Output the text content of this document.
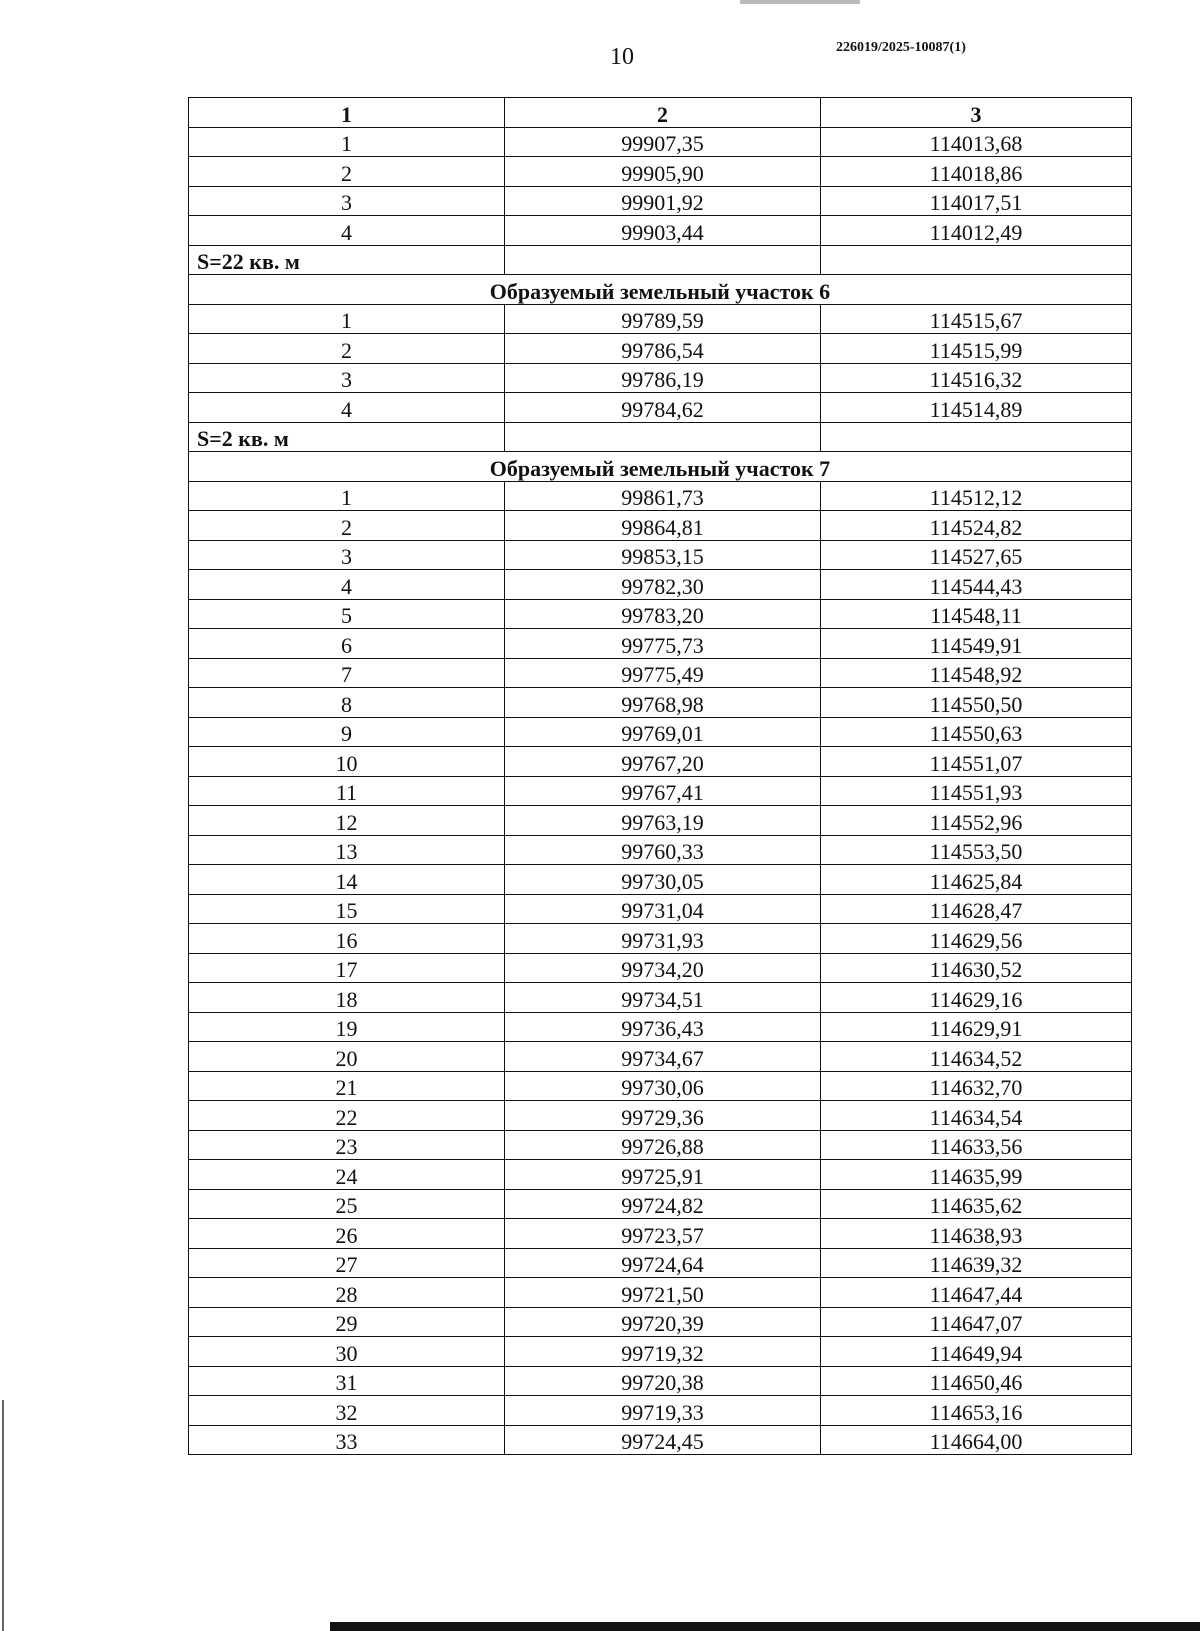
10	226019/2025-10087(1)
1	2	3
1	99907,35	114013,68
2	99905,90	114018,86
3	99901,92	114017,51
4	99903,44	114012,49
S=22 кв. м		
Образуемый земельный участок 6		
1	99789,59	114515,67
2	99786,54	114515,99
3	99786,19	114516,32
4	99784,62	114514,89
S=2 кв. м		
Образуемый земельный участок 7		
1	99861,73	114512,12
2	99864,81	114524,82
3	99853,15	114527,65
4	99782,30	114544,43
5	99783,20	114548,11
6	99775,73	114549,91
7	99775,49	114548,92
8	99768,98	114550,50
9	99769,01	114550,63
10	99767,20	114551,07
11	99767,41	114551,93
12	99763,19	114552,96
13	99760,33	114553,50
14	99730,05	114625,84
15	99731,04	114628,47
16	99731,93	114629,56
17	99734,20	114630,52
18	99734,51	114629,16
19	99736,43	114629,91
20	99734,67	114634,52
21	99730,06	114632,70
22	99729,36	114634,54
23	99726,88	114633,56
24	99725,91	114635,99
25	99724,82	114635,62
26	99723,57	114638,93
27	99724,64	114639,32
28	99721,50	114647,44
29	99720,39	114647,07
30	99719,32	114649,94
31	99720,38	114650,46
32	99719,33	114653,16
33	99724,45	114664,00
